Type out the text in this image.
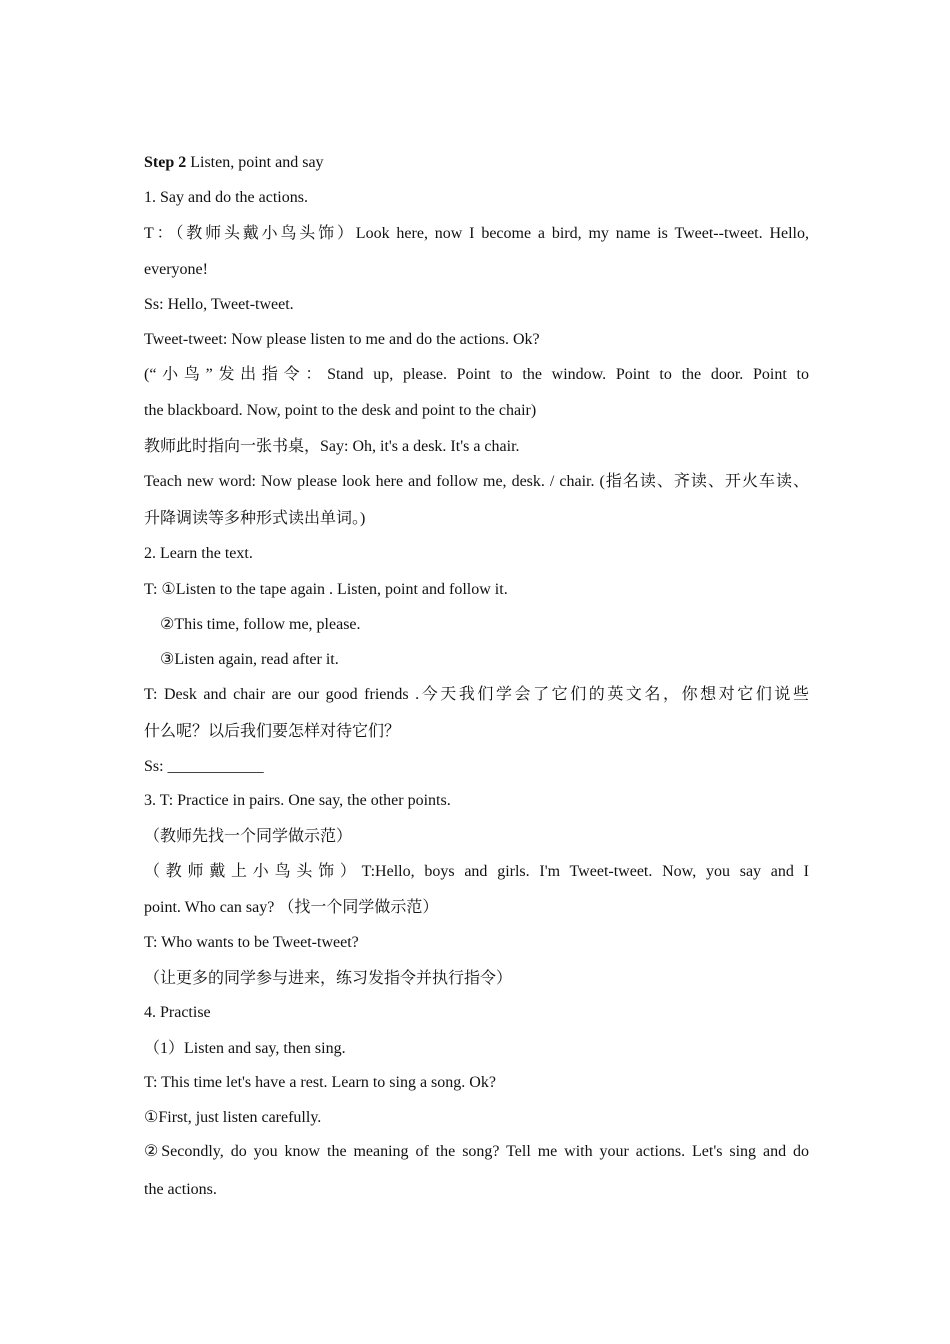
Step 2 Listen, point and say
1. Say and do the actions.
T：（教师头戴小鸟头饰）Look here, now I become a bird, my name is Tweet--tweet. Hello,
everyone!
Ss: Hello, Tweet-tweet.
Tweet-tweet: Now please listen to me and do the actions. Ok?
(“小鸟”发出指令：Stand up, please. Point to the window. Point to the door. Point to
the blackboard. Now, point to the desk and point to the chair)
教师此时指向一张书桌，Say: Oh, it's a desk. It's a chair.
Teach new word: Now please look here and follow me, desk. / chair. (指名读、齐读、开火车读、
升降调读等多种形式读出单词。)
2. Learn the text.
T: ①Listen to the tape again . Listen, point and follow it.
②This time, follow me, please.
③Listen again, read after it.
T: Desk and chair are our good friends .今天我们学会了它们的英文名，你想对它们说些
什么呢？以后我们要怎样对待它们？
Ss: ____________
3. T: Practice in pairs. One say, the other points.
（教师先找一个同学做示范）
（教师戴上小鸟头饰）T:Hello, boys and girls. I'm Tweet-tweet. Now, you say and I
point. Who can say? （找一个同学做示范）
T: Who wants to be Tweet-tweet?
（让更多的同学参与进来，练习发指令并执行指令）
4. Practise
（1）Listen and say, then sing.
T: This time let's have a rest. Learn to sing a song. Ok?
①First, just listen carefully.
②Secondly, do you know the meaning of the song? Tell me with your actions. Let's sing and do
the actions.
